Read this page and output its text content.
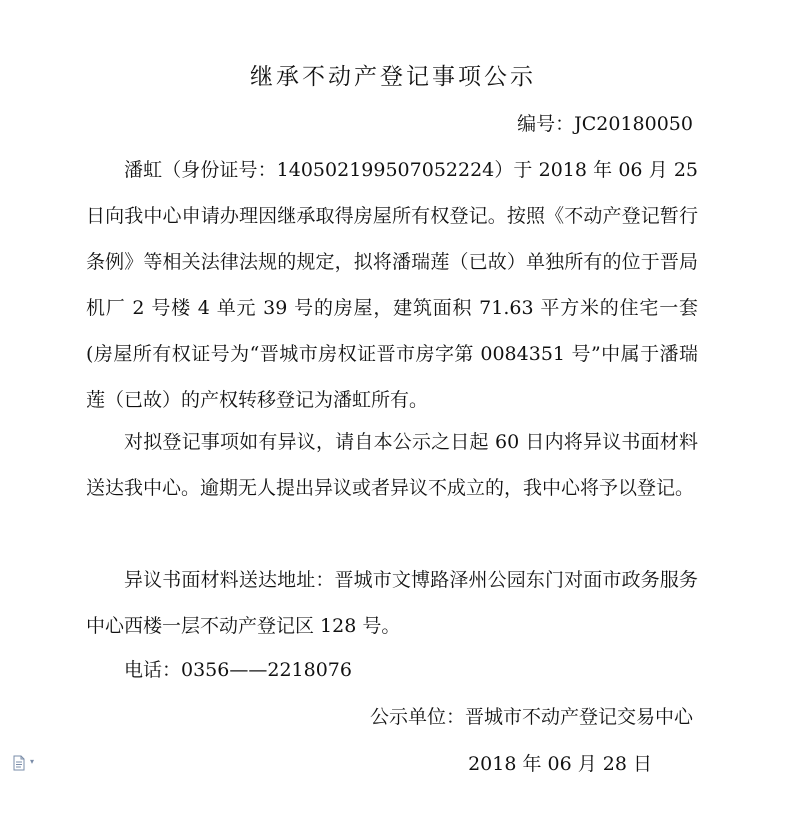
继承不动产登记事项公示
编号：JC20180050

潘虹（身份证号：140502199507052224）于 2018 年 06 月 25 日向我中心申请办理因继承取得房屋所有权登记。按照《不动产登记暂行条例》等相关法律法规的规定，拟将潘瑞莲（已故）单独所有的位于晋局机厂 2 号楼 4 单元 39 号的房屋，建筑面积 71.63 平方米的住宅一套(房屋所有权证号为“晋城市房权证晋市房字第 0084351 号”中属于潘瑞莲（已故）的产权转移登记为潘虹所有。

对拟登记事项如有异议，请自本公示之日起 60 日内将异议书面材料送达我中心。逾期无人提出异议或者异议不成立的，我中心将予以登记。

异议书面材料送达地址：晋城市文博路泽州公园东门对面市政务服务中心西楼一层不动产登记区 128 号。

电话：0356——2218076
公示单位：晋城市不动产登记交易中心
2018 年 06 月 28 日
▾
